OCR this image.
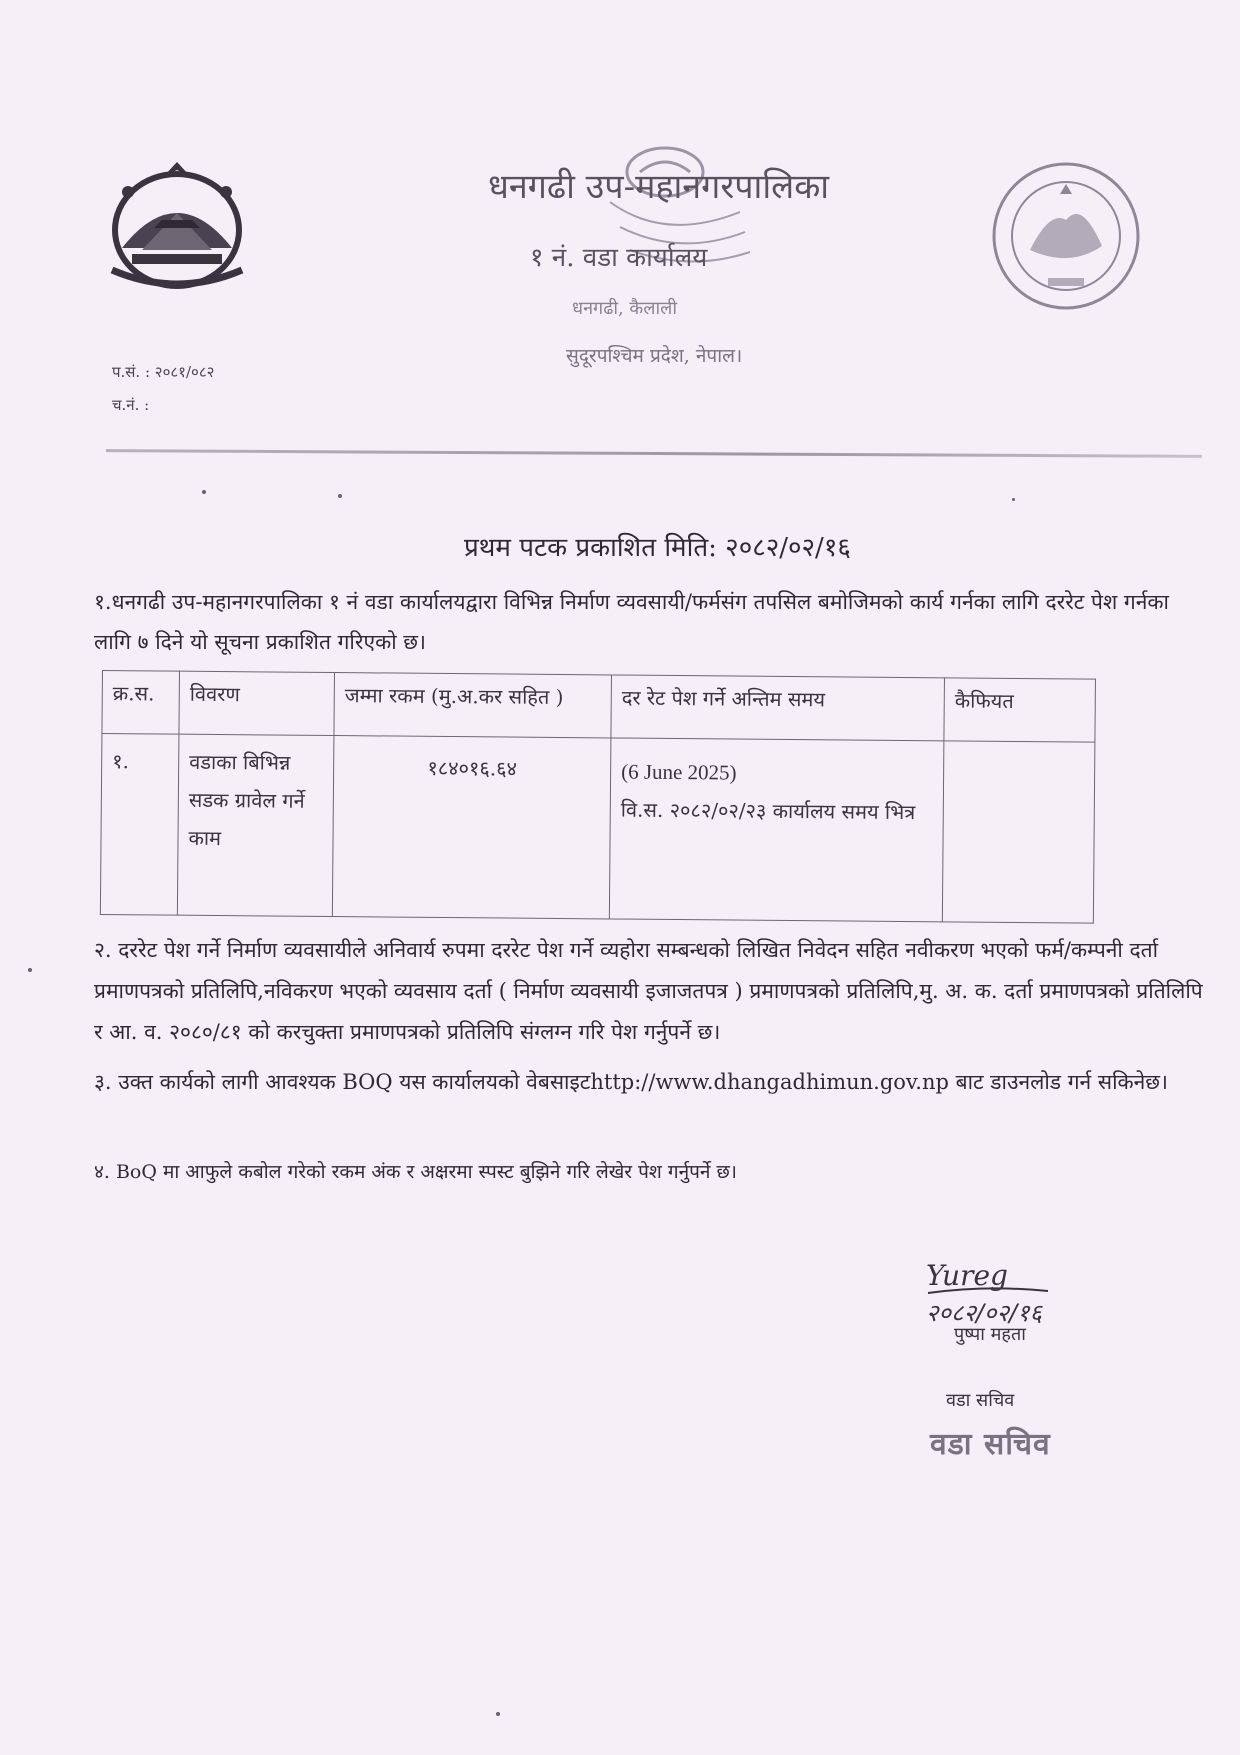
धनगढी उप-महानगरपालिका
१ नं. वडा कार्यालय
धनगढी, कैलाली
सुदूरपश्चिम प्रदेश, नेपाल।
प.सं. : २०८१/०८२
च.नं. :
प्रथम पटक प्रकाशित मिति: २०८२/०२/१६
१.धनगढी उप-महानगरपालिका १ नं वडा कार्यालयद्वारा विभिन्न निर्माण व्यवसायी/फर्मसंग तपसिल बमोजिमको कार्य गर्नका लागि दररेट पेश गर्नका लागि ७ दिने यो सूचना प्रकाशित गरिएको छ।
क्र.स.	विवरण	जम्मा रकम (मु.अ.कर सहित )	दर रेट पेश गर्ने अन्तिम समय	कैफियत
१.	वडाका बिभिन्न सडक ग्रावेल गर्ने काम	१८४०१६.६४	(6 June 2025)
वि.स. २०८२/०२/२३ कार्यालय समय भित्र	

२. दररेट पेश गर्ने निर्माण व्यवसायीले अनिवार्य रुपमा दररेट पेश गर्ने व्यहोरा सम्बन्धको लिखित निवेदन सहित नवीकरण भएको फर्म/कम्पनी दर्ता प्रमाणपत्रको प्रतिलिपि,नविकरण भएको व्यवसाय दर्ता ( निर्माण व्यवसायी इजाजतपत्र ) प्रमाणपत्रको प्रतिलिपि,मु. अ. क. दर्ता प्रमाणपत्रको प्रतिलिपि र आ. व. २०८०/८१ को करचुक्ता प्रमाणपत्रको प्रतिलिपि संग्लग्न गरि पेश गर्नुपर्ने छ।
३. उक्त कार्यको लागी आवश्यक BOQ यस कार्यालयको वेबसाइटhttp://www.dhangadhimun.gov.np बाट डाउनलोड गर्न सकिनेछ।
४. BoQ मा आफुले कबोल गरेको रकम अंक र अक्षरमा स्पस्ट बुझिने गरि लेखेर पेश गर्नुपर्ने छ।
Yureg
२०८२/०२/१६
पुष्पा महता
वडा सचिव
वडा सचिव
